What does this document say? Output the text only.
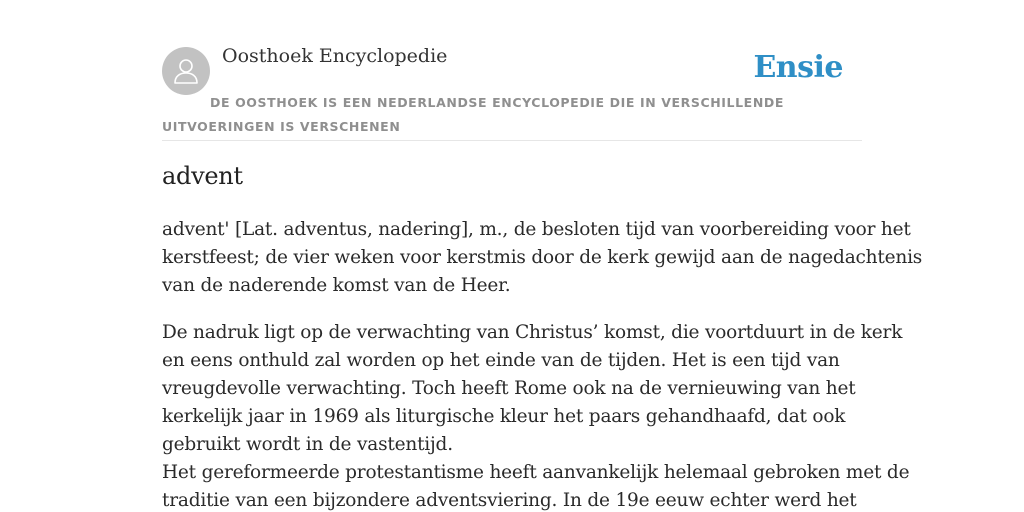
Oosthoek Encyclopedie	Ensie
DE OOSTHOEK IS EEN NEDERLANDSE ENCYCLOPEDIE DIE IN VERSCHILLENDE UITVOERINGEN IS VERSCHENEN
advent

advent' [Lat. adventus, nadering], m., de besloten tijd van voorbereiding voor het
kerstfeest; de vier weken voor kerstmis door de kerk gewijd aan de nagedachtenis
van de naderende komst van de Heer.

De nadruk ligt op de verwachting van Christus’ komst, die voortduurt in de kerk
en eens onthuld zal worden op het einde van de tijden. Het is een tijd van
vreugdevolle verwachting. Toch heeft Rome ook na de vernieuwing van het
kerkelijk jaar in 1969 als liturgische kleur het paars gehandhaafd, dat ook
gebruikt wordt in de vastentijd.
Het gereformeerde protestantisme heeft aanvankelijk helemaal gebroken met de
traditie van een bijzondere adventsviering. In de 19e eeuw echter werd het
